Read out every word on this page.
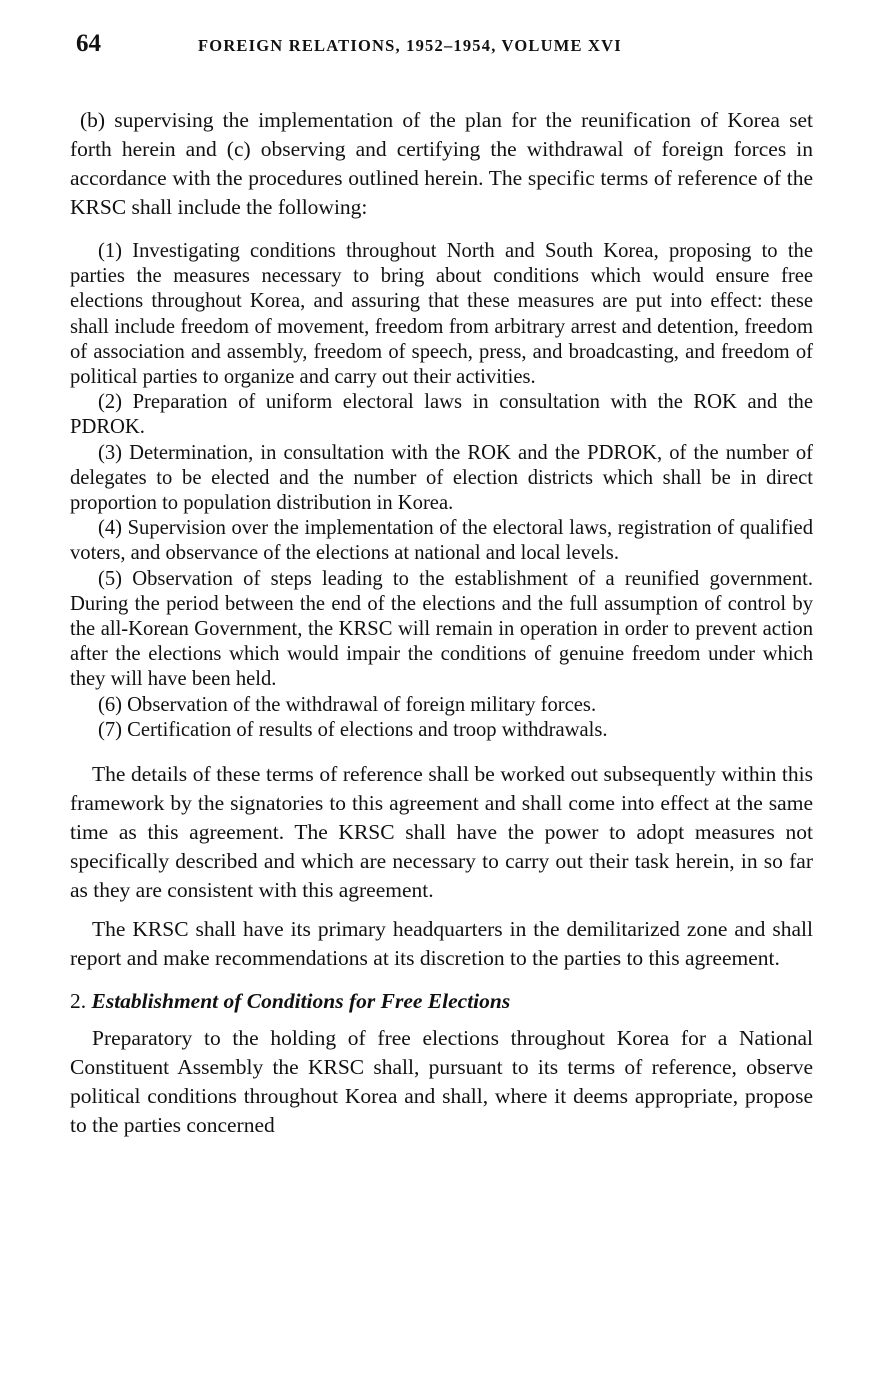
64	FOREIGN RELATIONS, 1952–1954, VOLUME XVI

(b) supervising the implementation of the plan for the reunification of Korea set forth herein and (c) observing and certifying the withdrawal of foreign forces in accordance with the procedures outlined herein. The specific terms of reference of the KRSC shall include the following:

(1) Investigating conditions throughout North and South Korea, proposing to the parties the measures necessary to bring about conditions which would ensure free elections throughout Korea, and assuring that these measures are put into effect: these shall include freedom of movement, freedom from arbitrary arrest and detention, freedom of association and assembly, freedom of speech, press, and broadcasting, and freedom of political parties to organize and carry out their activities.

(2) Preparation of uniform electoral laws in consultation with the ROK and the PDROK.

(3) Determination, in consultation with the ROK and the PDROK, of the number of delegates to be elected and the number of election districts which shall be in direct proportion to population distribution in Korea.

(4) Supervision over the implementation of the electoral laws, registration of qualified voters, and observance of the elections at national and local levels.

(5) Observation of steps leading to the establishment of a reunified government. During the period between the end of the elections and the full assumption of control by the all-Korean Government, the KRSC will remain in operation in order to prevent action after the elections which would impair the conditions of genuine freedom under which they will have been held.

(6) Observation of the withdrawal of foreign military forces.

(7) Certification of results of elections and troop withdrawals.

The details of these terms of reference shall be worked out subsequently within this framework by the signatories to this agreement and shall come into effect at the same time as this agreement. The KRSC shall have the power to adopt measures not specifically described and which are necessary to carry out their task herein, in so far as they are consistent with this agreement.

The KRSC shall have its primary headquarters in the demilitarized zone and shall report and make recommendations at its discretion to the parties to this agreement.

2. Establishment of Conditions for Free Elections

Preparatory to the holding of free elections throughout Korea for a National Constituent Assembly the KRSC shall, pursuant to its terms of reference, observe political conditions throughout Korea and shall, where it deems appropriate, propose to the parties concerned
